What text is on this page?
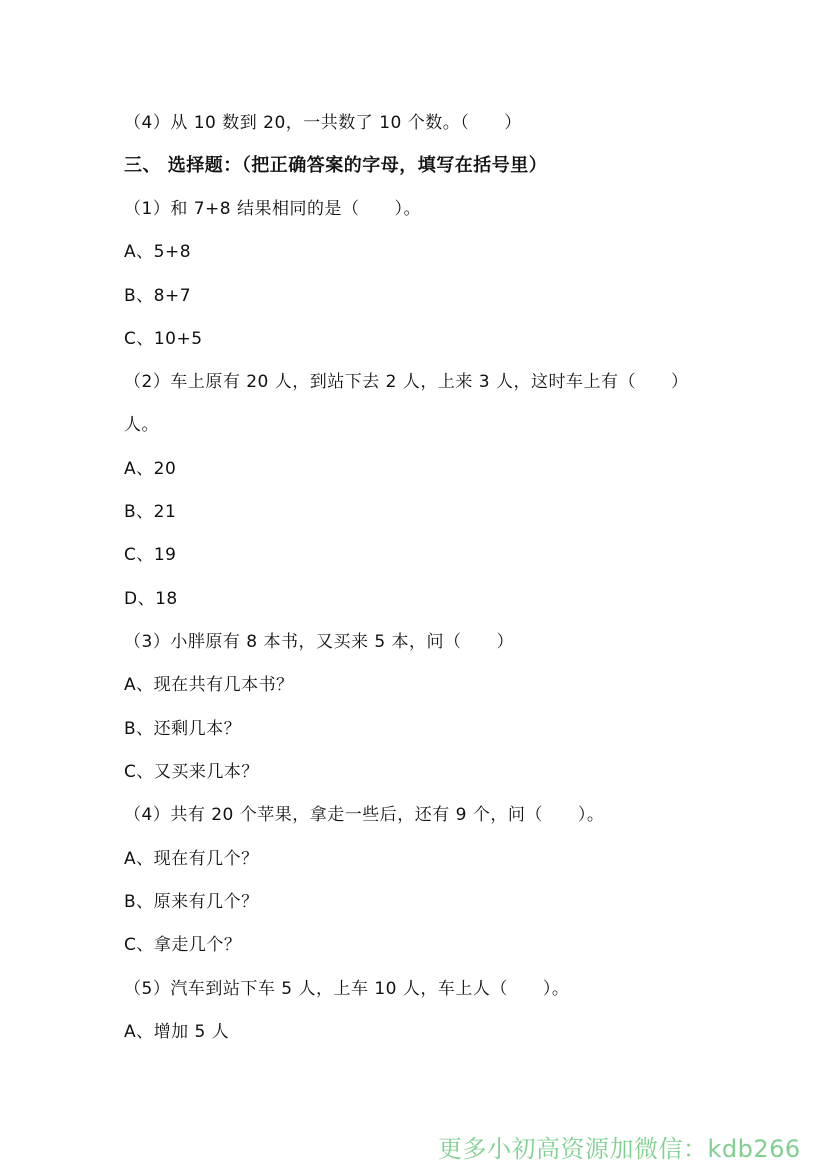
（4）从 10 数到 20，一共数了 10 个数。（　　）
三、 选择题：（把正确答案的字母，填写在括号里）
（1）和 7+8 结果相同的是（　　）。
A、5+8
B、8+7
C、10+5
（2）车上原有 20 人，到站下去 2 人，上来 3 人，这时车上有（　　）
人。
A、20
B、21
C、19
D、18
（3）小胖原有 8 本书，又买来 5 本，问（　　）
A、现在共有几本书？
B、还剩几本？
C、又买来几本？
（4）共有 20 个苹果，拿走一些后，还有 9 个，问（　　）。
A、现在有几个？
B、原来有几个？
C、拿走几个？
（5）汽车到站下车 5 人，上车 10 人，车上人（　　）。
A、增加 5 人
更多小初高资源加微信：kdb266
